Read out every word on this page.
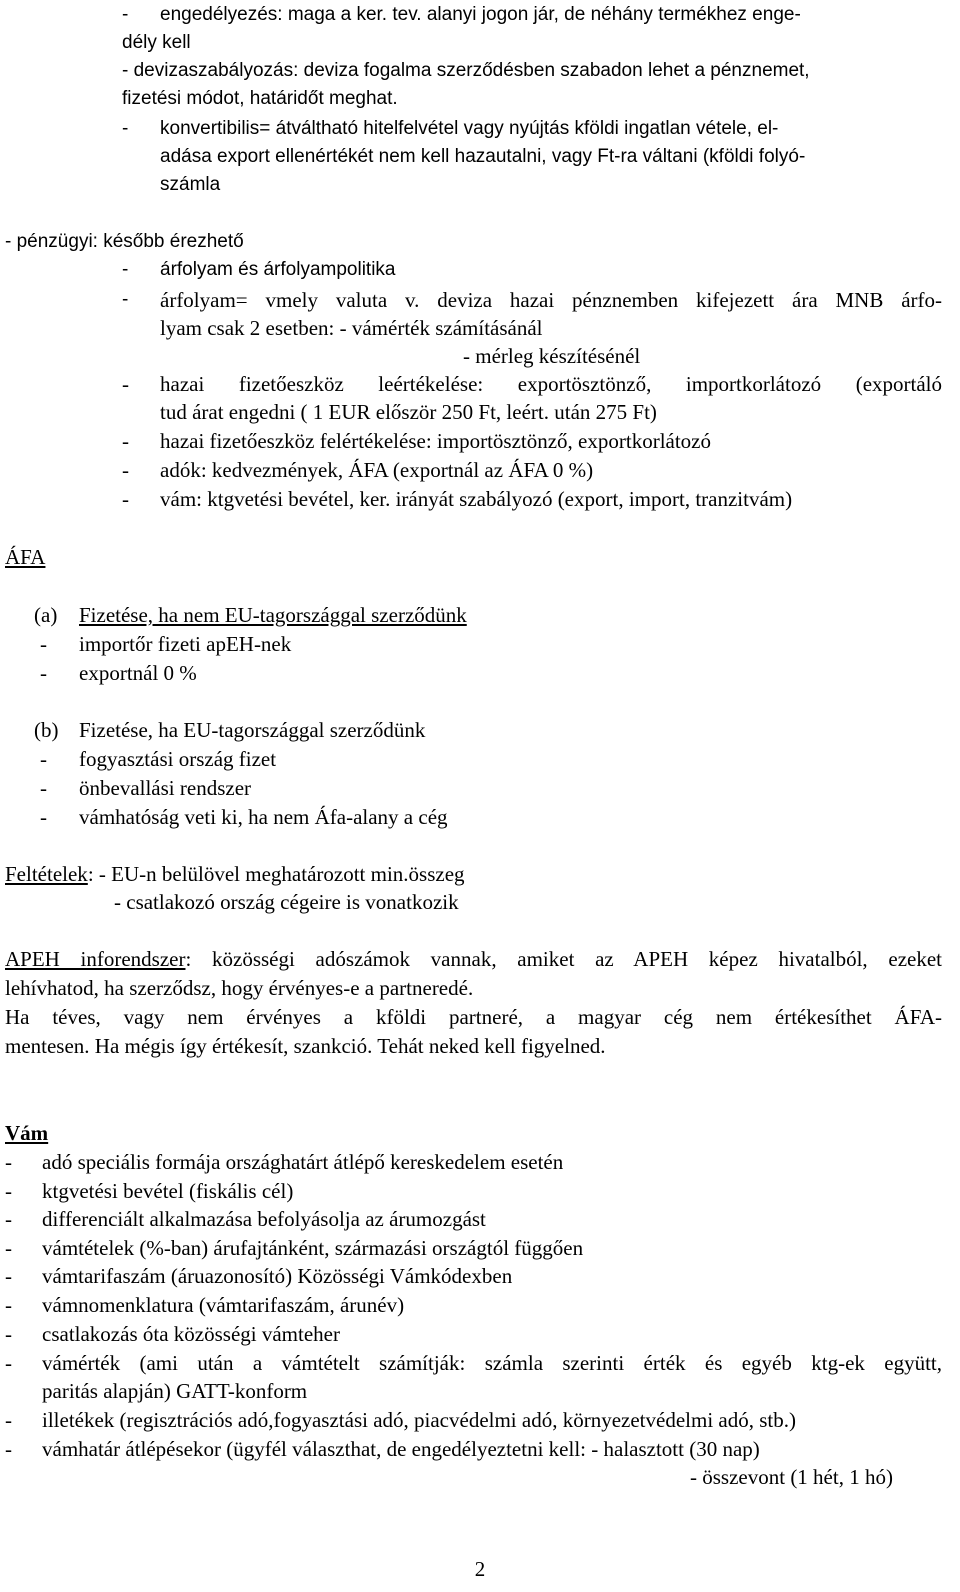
- engedélyezés: maga a ker. tev. alanyi jogon jár, de néhány termékhez enge-
dély kell
- devizaszabályozás: deviza fogalma szerződésben szabadon lehet a pénznemet,
fizetési módot, határidőt meghat.
- konvertibilis= átváltható hitelfelvétel vagy nyújtás kföldi ingatlan vétele, el-
adása export ellenértékét nem kell hazautalni, vagy Ft-ra váltani (kföldi folyó-
számla
- pénzügyi: később érezhető
- árfolyam és árfolyampolitika
- árfolyam= vmely valuta v. deviza hazai pénznemben kifejezett ára MNB árfo-
lyam csak 2 esetben: - vámérték számításánál
- mérleg készítésénél
- hazai fizetőeszköz leértékelése: exportösztönző, importkorlátozó (exportáló
tud árat engedni ( 1 EUR először 250 Ft, leért. után 275 Ft)
- hazai fizetőeszköz felértékelése: importösztönző, exportkorlátozó
- adók: kedvezmények, ÁFA (exportnál az ÁFA 0 %)
- vám: ktgvetési bevétel, ker. irányát szabályozó (export, import, tranzitvám)
ÁFA
(a) Fizetése, ha nem EU-tagországgal szerződünk
- importőr fizeti apEH-nek
- exportnál 0 %
(b) Fizetése, ha EU-tagországgal szerződünk
- fogyasztási ország fizet
- önbevallási rendszer
- vámhatóság veti ki, ha nem Áfa-alany a cég
Feltételek: - EU-n belülövel meghatározott min.összeg
- csatlakozó ország cégeire is vonatkozik
APEH inforendszer: közösségi adószámok vannak, amiket az APEH képez hivatalból, ezeket
lehívhatod, ha szerződsz, hogy érvényes-e a partneredé.
Ha téves, vagy nem érvényes a kföldi partneré, a magyar cég nem értékesíthet ÁFA-
mentesen. Ha mégis így értékesít, szankció. Tehát neked kell figyelned.
Vám
- adó speciális formája országhatárt átlépő kereskedelem esetén
- ktgvetési bevétel (fiskális cél)
- differenciált alkalmazása befolyásolja az árumozgást
- vámtételek (%-ban) árufajtánként, származási országtól függően
- vámtarifaszám (áruazonosító) Közösségi Vámkódexben
- vámnomenklatura (vámtarifaszám, árunév)
- csatlakozás óta közösségi vámteher
- vámérték (ami után a vámtételt számítják: számla szerinti érték és egyéb ktg-ek együtt,
paritás alapján) GATT-konform
- illetékek (regisztrációs adó,fogyasztási adó, piacvédelmi adó, környezetvédelmi adó, stb.)
- vámhatár átlépésekor (ügyfél választhat, de engedélyeztetni kell: - halasztott (30 nap)
- összevont (1 hét, 1 hó)
2
